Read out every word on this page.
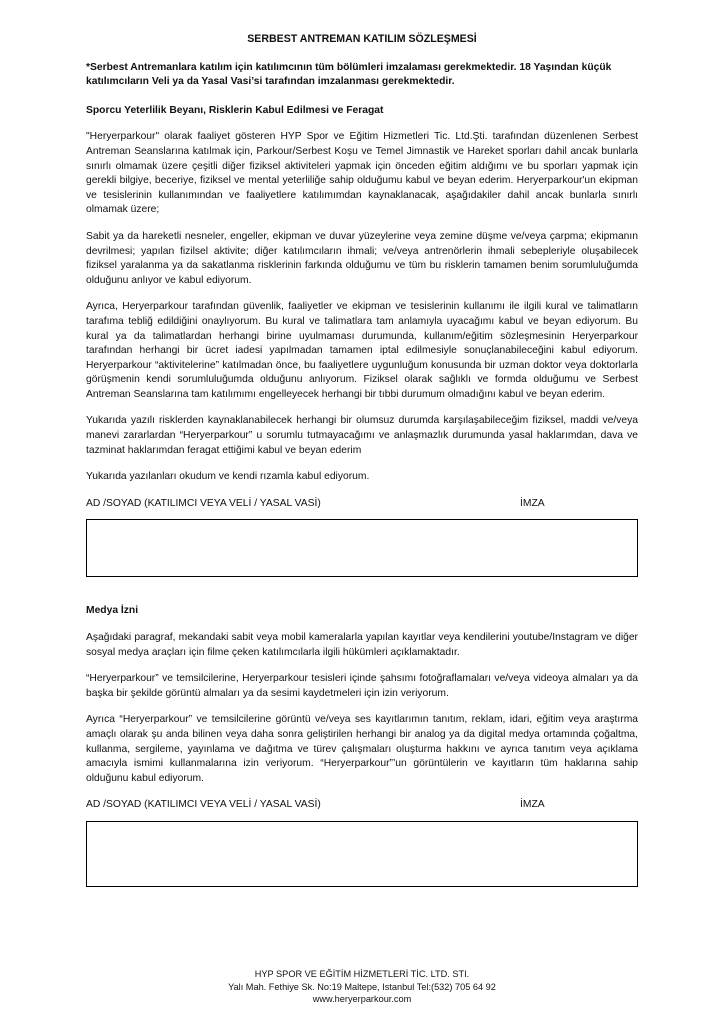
SERBEST ANTREMAN KATILIM SÖZLEŞMESİ
*Serbest Antremanlara katılım için katılımcının tüm bölümleri imzalaması gerekmektedir. 18 Yaşından küçük katılımcıların Veli ya da Yasal Vasi’si tarafından imzalanması gerekmektedir.
Sporcu Yeterlilik Beyanı, Risklerin Kabul Edilmesi ve Feragat

"Heryerparkour" olarak faaliyet gösteren HYP Spor ve Eğitim Hizmetleri Tic. Ltd.Şti. tarafından düzenlenen Serbest Antreman Seanslarına katılmak için, Parkour/Serbest Koşu ve Temel Jimnastik ve Hareket sporları dahil ancak bunlarla sınırlı olmamak üzere çeşitli diğer fiziksel aktiviteleri yapmak için önceden eğitim aldığımı ve bu sporları yapmak için gerekli bilgiye, beceriye, fiziksel ve mental yeterliliğe sahip olduğumu kabul ve beyan ederim. Heryerparkour'un ekipman ve tesislerinin kullanımından ve faaliyetlere katılımımdan kaynaklanacak, aşağıdakiler dahil ancak bunlarla sınırlı olmamak üzere;

Sabit ya da hareketli nesneler, engeller, ekipman ve duvar yüzeylerine veya zemine düşme ve/veya çarpma; ekipmanın devrilmesi; yapılan fizilsel aktivite; diğer katılımcıların ihmali; ve/veya antrenörlerin ihmali sebepleriyle oluşabilecek fiziksel yaralanma ya da sakatlanma risklerinin farkında olduğumu ve tüm bu risklerin tamamen benim sorumluluğumda olduğunu anlıyor ve kabul ediyorum.

Ayrıca, Heryerparkour tarafından güvenlik, faaliyetler ve ekipman ve tesislerinin kullanımı ile ilgili kural ve talimatların tarafıma tebliğ edildiğini onaylıyorum. Bu kural ve talimatlara tam anlamıyla uyacağımı kabul ve beyan ediyorum. Bu kural ya da talimatlardan herhangi birine uyulmaması durumunda, kullanım/eğitim sözleşmesinin Heryerparkour tarafından herhangi bir ücret iadesi yapılmadan tamamen iptal edilmesiyle sonuçlanabileceğini kabul ediyorum. Heryerparkour “aktivitelerine” katılmadan önce, bu faaliyetlere uygunluğum konusunda bir uzman doktor veya doktorlarla görüşmenin kendi sorumluluğumda olduğunu anlıyorum. Fiziksel olarak sağlıklı ve formda olduğumu ve Serbest Antreman Seanslarına tam katılımımı engelleyecek herhangi bir tıbbi durumum olmadığını kabul ve beyan ederim.

Yukarıda yazılı risklerden kaynaklanabilecek herhangi bir olumsuz durumda karşılaşabileceğim fiziksel, maddi ve/veya manevi zararlardan “Heryerparkour” u sorumlu tutmayacağımı ve anlaşmazlık durumunda yasal haklarımdan, dava ve tazminat haklarımdan feragat ettiğimi kabul ve beyan ederim

Yukarıda yazılanları okudum ve kendi rızamla kabul ediyorum.

AD /SOYAD (KATILIMCI VEYA VELİ / YASAL VASİ)	İMZA
Medya İzni

Aşağıdaki paragraf, mekandaki sabit veya mobil kameralarla yapılan kayıtlar veya kendilerini youtube/Instagram ve diğer sosyal medya araçları için filme çeken katılımcılarla ilgili hükümleri açıklamaktadır.

“Heryerparkour” ve temsilcilerine, Heryerparkour tesisleri içinde şahsımı fotoğraflamaları ve/veya videoya almaları ya da başka bir şekilde görüntü almaları ya da sesimi kaydetmeleri için izin veriyorum.

Ayrıca “Heryerparkour” ve temsilcilerine görüntü ve/veya ses kayıtlarımın tanıtım, reklam, idari, eğitim veya araştırma amaçlı olarak şu anda bilinen veya daha sonra geliştirilen herhangi bir analog ya da digital medya ortamında çoğaltma, kullanma, sergileme, yayınlama ve dağıtma ve türev çalışmaları oluşturma hakkını ve ayrıca tanıtım veya açıklama amacıyla ismimi kullanmalarına izin veriyorum. “Heryerparkour”’un görüntülerin ve kayıtların tüm haklarına sahip olduğunu kabul ediyorum.

AD /SOYAD (KATILIMCI VEYA VELİ / YASAL VASİ)	İMZA
HYP SPOR VE EĞİTİM HİZMETLERİ TİC. LTD. STI.
Yalı Mah. Fethiye Sk. No:19 Maltepe, Istanbul Tel:(532) 705 64 92
www.heryerparkour.com
